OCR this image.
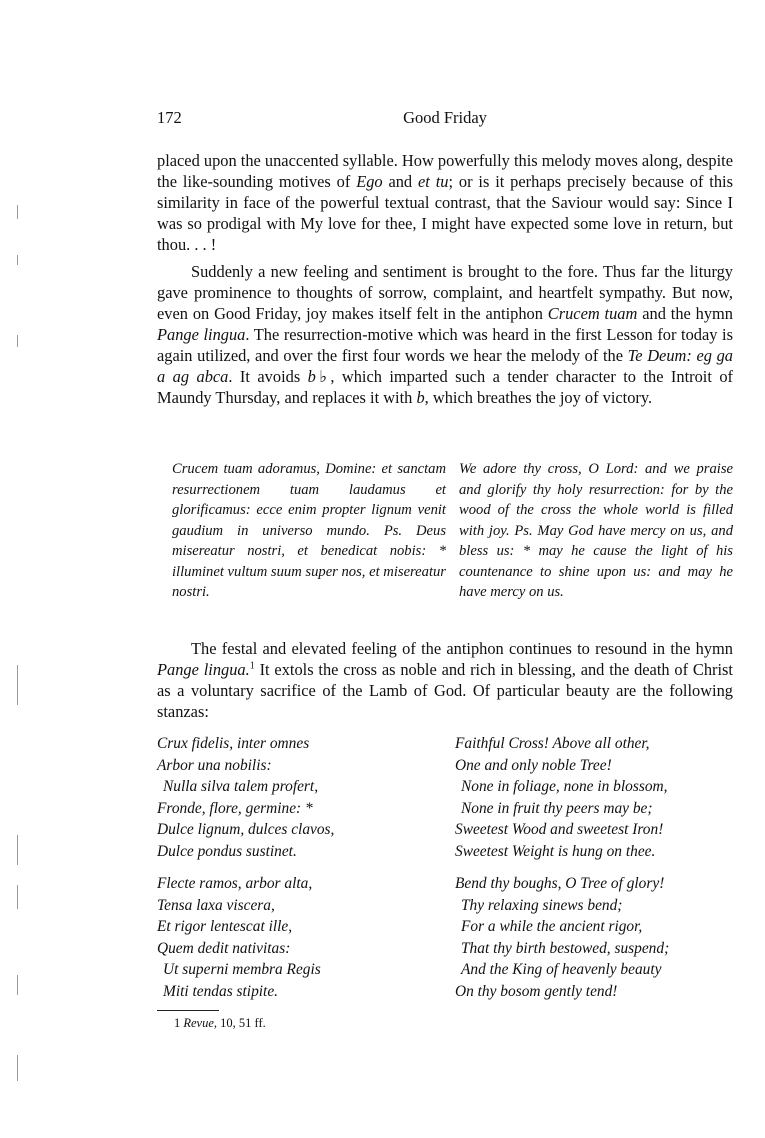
172	Good Friday

placed upon the unaccented syllable. How powerfully this melody moves along, despite the like-sounding motives of Ego and et tu; or is it perhaps precisely because of this similarity in face of the powerful textual contrast, that the Saviour would say: Since I was so prodigal with My love for thee, I might have expected some love in return, but thou. . . !

Suddenly a new feeling and sentiment is brought to the fore. Thus far the liturgy gave prominence to thoughts of sorrow, complaint, and heartfelt sympathy. But now, even on Good Friday, joy makes itself felt in the antiphon Crucem tuam and the hymn Pange lingua. The resurrection-motive which was heard in the first Lesson for today is again utilized, and over the first four words we hear the melody of the Te Deum: eg ga a ag abca. It avoids b♭, which imparted such a tender character to the Introit of Maundy Thursday, and replaces it with b, which breathes the joy of victory.

Crucem tuam adoramus, Domine: et sanctam resurrectionem tuam laudamus et glorificamus: ecce enim propter lignum venit gaudium in universo mundo. Ps. Deus misereatur nostri, et benedicat nobis: * illuminet vultum suum super nos, et misereatur nostri.
We adore thy cross, O Lord: and we praise and glorify thy holy resurrection: for by the wood of the cross the whole world is filled with joy. Ps. May God have mercy on us, and bless us: * may he cause the light of his countenance to shine upon us: and may he have mercy on us.

The festal and elevated feeling of the antiphon continues to resound in the hymn Pange lingua.$^1$ It extols the cross as noble and rich in blessing, and the death of Christ as a voluntary sacrifice of the Lamb of God. Of particular beauty are the following stanzas:

Crux fidelis, inter omnes
Arbor una nobilis:
Nulla silva talem profert,
Fronde, flore, germine: *
Dulce lignum, dulces clavos,
Dulce pondus sustinet.
Faithful Cross! Above all other,
One and only noble Tree!
None in foliage, none in blossom,
None in fruit thy peers may be;
Sweetest Wood and sweetest Iron!
Sweetest Weight is hung on thee.
Flecte ramos, arbor alta,
Tensa laxa viscera,
Et rigor lentescat ille,
Quem dedit nativitas:
Ut superni membra Regis
Miti tendas stipite.
Bend thy boughs, O Tree of glory!
Thy relaxing sinews bend;
For a while the ancient rigor,
That thy birth bestowed, suspend;
And the King of heavenly beauty
On thy bosom gently tend!
1 Revue, 10, 51 ff.
